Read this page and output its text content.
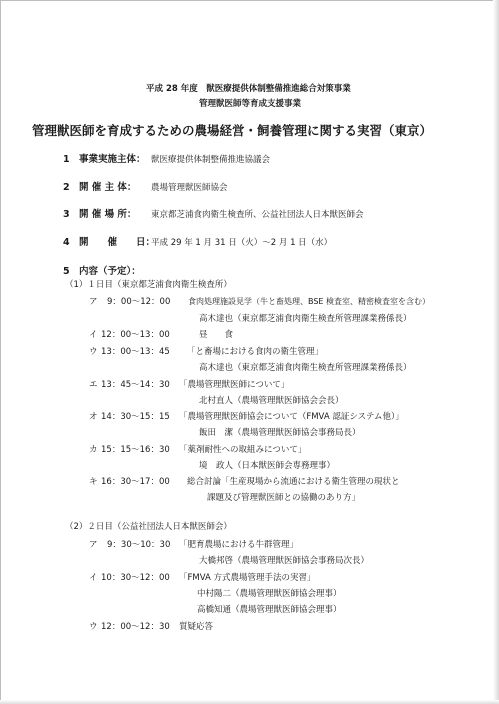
平成 28 年度　獣医療提供体制整備推進総合対策事業
管理獣医師等育成支援事業
管理獣医師を育成するための農場経営・飼養管理に関する実習（東京）
1 事業実施主体： 獣医療提供体制整備推進協議会
2 開 催 主 体： 農場管理獣医師協会
3 開 催 場 所： 東京都芝浦食肉衛生検査所、公益社団法人日本獣医師会
4 開　　催　　日：
平成 29 年 1 月 31 日（火）～2 月 1 日（水）
5 内容（予定）：
（1）１日目（東京都芝浦食肉衛生検査所）
ア 9：00～12：00 食肉処理施設見学（牛と畜処理、BSE 検査室、精密検査室を含む）
高木達也（東京都芝浦食肉衛生検査所管理課業務係長）
イ 12：00～13：00	昼　　食
ウ 13：00～13：45 「と畜場における食肉の衛生管理」
高木達也（東京都芝浦食肉衛生検査所管理課業務係長）
エ 13：45～14：30 「農場管理獣医師について」
北村直人（農場管理獣医師協会会長）
オ 14：30～15：15 「農場管理獣医師協会について（FMVA 認証システム他）」
飯田　潔（農場管理獣医師協会事務局長）
カ 15：15～16：30 「薬剤耐性への取組みについて」
境　政人（日本獣医師会専務理事）
キ 16：30～17：00 総合討論「生産現場から流通における衛生管理の現状と
課題及び管理獣医師との協働のあり方」
（2）２日目（公益社団法人日本獣医師会）
ア 9：30～10：30 「肥育農場における牛群管理」
大橋邦啓（農場管理獣医師協会事務局次長）
イ 10：30～12：00 「FMVA 方式農場管理手法の実習」
中村陽二（農場管理獣医師協会理事）
高橋知通（農場管理獣医師協会理事）
ウ 12：00～12：30 質疑応答
